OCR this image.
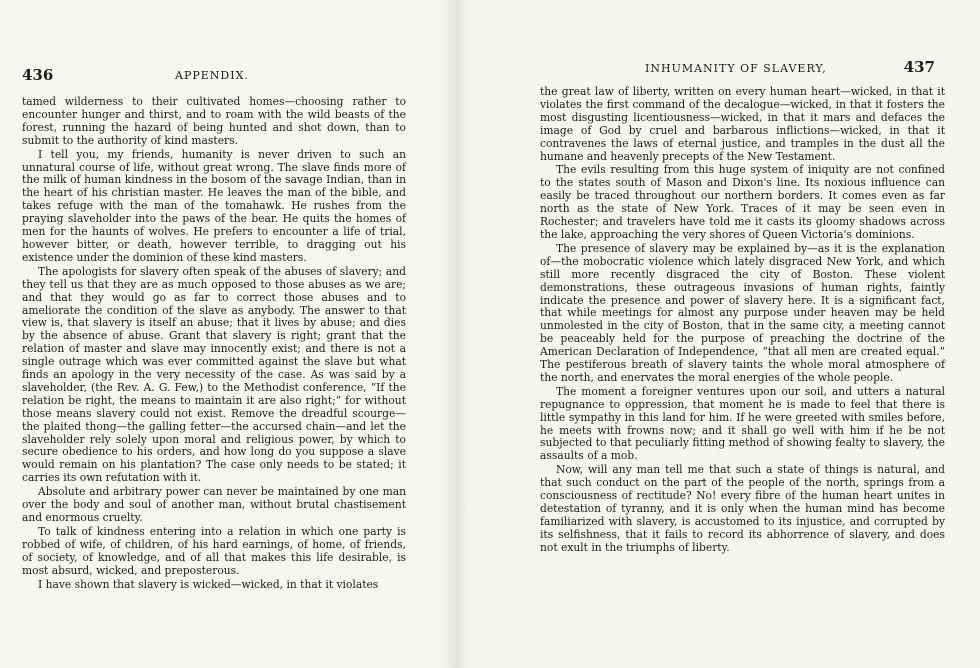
436	APPENDIX.

tamed wilderness to their cultivated homes—choosing rather to encounter hunger and thirst, and to roam with the wild beasts of the forest, running the hazard of being hunted and shot down, than to submit to the authority of kind masters.

I tell you, my friends, humanity is never driven to such an unnatural course of life, without great wrong. The slave finds more of the milk of human kindness in the bosom of the savage Indian, than in the heart of his christian master. He leaves the man of the bible, and takes refuge with the man of the tomahawk. He rushes from the praying slaveholder into the paws of the bear. He quits the homes of men for the haunts of wolves. He prefers to encounter a life of trial, however bitter, or death, however terrible, to dragging out his existence under the dominion of these kind masters.

The apologists for slavery often speak of the abuses of slavery; and they tell us that they are as much opposed to those abuses as we are; and that they would go as far to correct those abuses and to ameliorate the condition of the slave as anybody. The answer to that view is, that slavery is itself an abuse; that it lives by abuse; and dies by the absence of abuse. Grant that slavery is right; grant that the relation of master and slave may innocently exist; and there is not a single outrage which was ever committed against the slave but what finds an apology in the very necessity of the case. As was said by a slaveholder, (the Rev. A. G. Few,) to the Methodist conference, “If the relation be right, the means to maintain it are also right;” for without those means slavery could not exist. Remove the dreadful scourge—the plaited thong—the galling fetter—the accursed chain—and let the slaveholder rely solely upon moral and religious power, by which to secure obedience to his orders, and how long do you suppose a slave would remain on his plantation? The case only needs to be stated; it carries its own refutation with it.

Absolute and arbitrary power can never be maintained by one man over the body and soul of another man, without brutal chastisement and enormous cruelty.

To talk of kindness entering into a relation in which one party is robbed of wife, of children, of his hard earnings, of home, of friends, of society, of knowledge, and of all that makes this life desirable, is most absurd, wicked, and preposterous.

I have shown that slavery is wicked—wicked, in that it violates

INHUMANITY OF SLAVERY,	437

the great law of liberty, written on every human heart—wicked, in that it violates the first command of the decalogue—wicked, in that it fosters the most disgusting licentiousness—wicked, in that it mars and defaces the image of God by cruel and barbarous inflictions—wicked, in that it contravenes the laws of eternal justice, and tramples in the dust all the humane and heavenly precepts of the New Testament.

The evils resulting from this huge system of iniquity are not confined to the states south of Mason and Dixon's line. Its noxious influence can easily be traced throughout our northern borders. It comes even as far north as the state of New York. Traces of it may be seen even in Rochester; and travelers have told me it casts its gloomy shadows across the lake, approaching the very shores of Queen Victoria's dominions.

The presence of slavery may be explained by—as it is the explanation of—the mobocratic violence which lately disgraced New York, and which still more recently disgraced the city of Boston. These violent demonstrations, these outrageous invasions of human rights, faintly indicate the presence and power of slavery here. It is a significant fact, that while meetings for almost any purpose under heaven may be held unmolested in the city of Boston, that in the same city, a meeting cannot be peaceably held for the purpose of preaching the doctrine of the American Declaration of Independence, “that all men are created equal.” The pestiferous breath of slavery taints the whole moral atmosphere of the north, and enervates the moral energies of the whole people.

The moment a foreigner ventures upon our soil, and utters a natural repugnance to oppression, that moment he is made to feel that there is little sympathy in this land for him. If he were greeted with smiles before, he meets with frowns now; and it shall go well with him if he be not subjected to that peculiarly fitting method of showing fealty to slavery, the assaults of a mob.

Now, will any man tell me that such a state of things is natural, and that such conduct on the part of the people of the north, springs from a consciousness of rectitude? No! every fibre of the human heart unites in detestation of tyranny, and it is only when the human mind has become familiarized with slavery, is accustomed to its injustice, and corrupted by its selfishness, that it fails to record its abhorrence of slavery, and does not exult in the triumphs of liberty.
